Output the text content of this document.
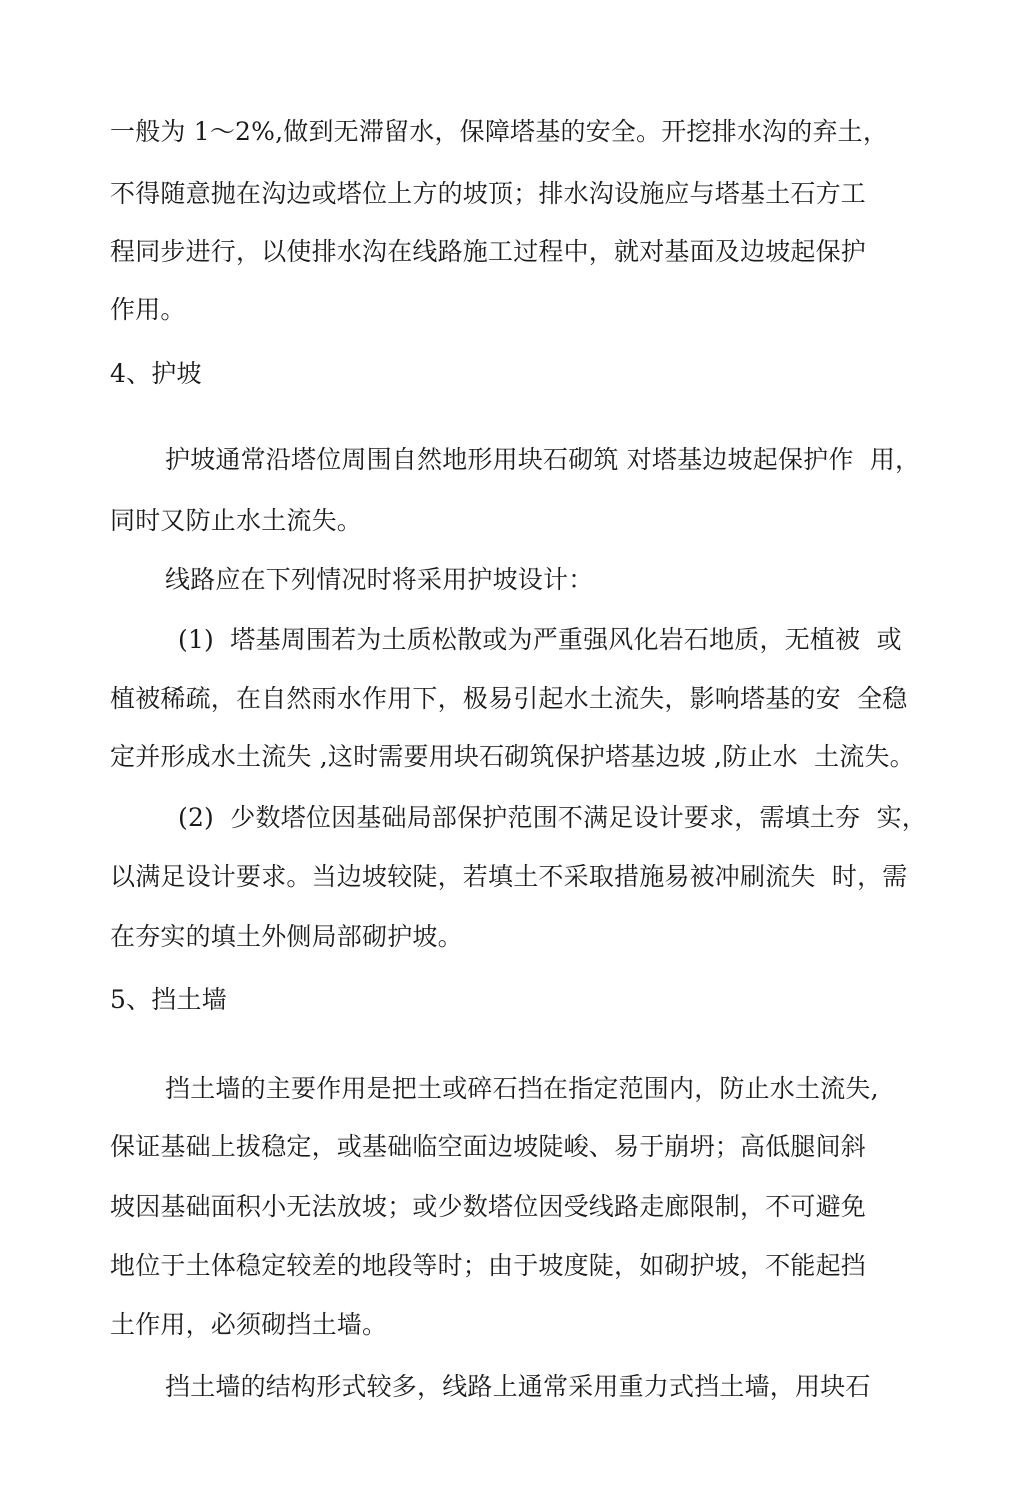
一般为 1～2%,做到无滞留水，保障塔基的安全。开挖排水沟的弃土，
不得随意抛在沟边或塔位上方的坡顶；排水沟设施应与塔基土石方工
程同步进行，以使排水沟在线路施工过程中，就对基面及边坡起保护
作用。
4、护坡
护坡通常沿塔位周围自然地形用块石砌筑 对塔基边坡起保护作  用，
同时又防止水土流失。
线路应在下列情况时将采用护坡设计：
(1)  塔基周围若为土质松散或为严重强风化岩石地质，无植被  或
植被稀疏，在自然雨水作用下，极易引起水土流失，影响塔基的安  全稳
定并形成水土流失 ,这时需要用块石砌筑保护塔基边坡 ,防止水  土流失。
(2)  少数塔位因基础局部保护范围不满足设计要求，需填土夯  实，
以满足设计要求。当边坡较陡，若填土不采取措施易被冲刷流失  时，需
在夯实的填土外侧局部砌护坡。
5、挡土墙
挡土墙的主要作用是把土或碎石挡在指定范围内，防止水土流失,
保证基础上拔稳定，或基础临空面边坡陡峻、易于崩坍；高低腿间斜
坡因基础面积小无法放坡；或少数塔位因受线路走廊限制，不可避免
地位于土体稳定较差的地段等时；由于坡度陡，如砌护坡，不能起挡
土作用，必须砌挡土墙。
挡土墙的结构形式较多，线路上通常采用重力式挡土墙，用块石
